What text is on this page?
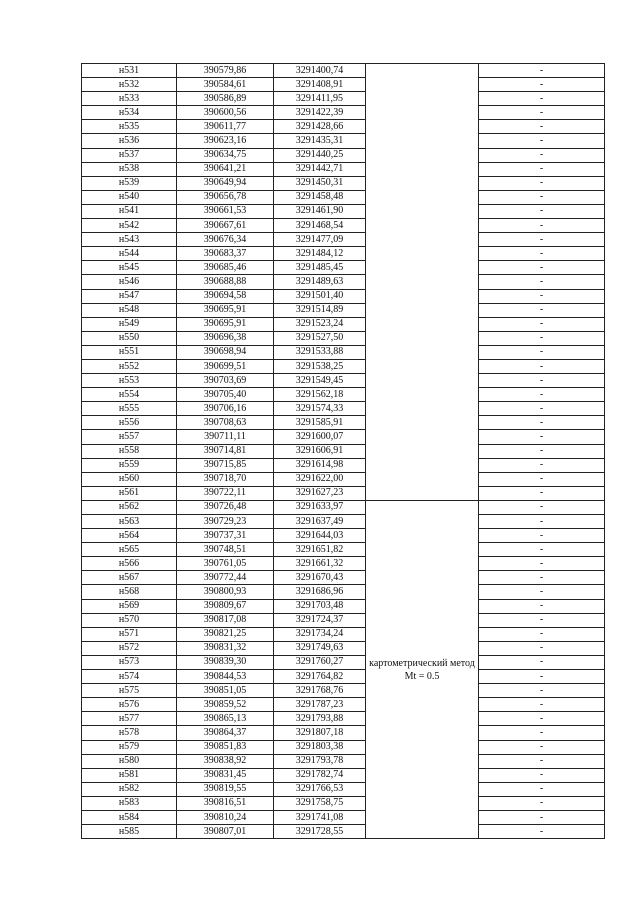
н531	390579,86	3291400,74		-
н532	390584,61	3291408,91		-
н533	390586,89	3291411,95		-
н534	390600,56	3291422,39		-
н535	390611,77	3291428,66		-
н536	390623,16	3291435,31		-
н537	390634,75	3291440,25		-
н538	390641,21	3291442,71		-
н539	390649,94	3291450,31		-
н540	390656,78	3291458,48		-
н541	390661,53	3291461,90		-
н542	390667,61	3291468,54		-
н543	390676,34	3291477,09		-
н544	390683,37	3291484,12		-
н545	390685,46	3291485,45		-
н546	390688,88	3291489,63		-
н547	390694,58	3291501,40		-
н548	390695,91	3291514,89		-
н549	390695,91	3291523,24		-
н550	390696,38	3291527,50		-
н551	390698,94	3291533,88		-
н552	390699,51	3291538,25		-
н553	390703,69	3291549,45		-
н554	390705,40	3291562,18		-
н555	390706,16	3291574,33		-
н556	390708,63	3291585,91		-
н557	390711,11	3291600,07		-
н558	390714,81	3291606,91		-
н559	390715,85	3291614,98		-
н560	390718,70	3291622,00		-
н561	390722,11	3291627,23		-
н562	390726,48	3291633,97	картометрический метод Mt = 0.5	-
н563	390729,23	3291637,49		-
н564	390737,31	3291644,03		-
н565	390748,51	3291651,82		-
н566	390761,05	3291661,32		-
н567	390772,44	3291670,43		-
н568	390800,93	3291686,96		-
н569	390809,67	3291703,48		-
н570	390817,08	3291724,37		-
н571	390821,25	3291734,24		-
н572	390831,32	3291749,63		-
н573	390839,30	3291760,27		-
н574	390844,53	3291764,82		-
н575	390851,05	3291768,76		-
н576	390859,52	3291787,23		-
н577	390865,13	3291793,88		-
н578	390864,37	3291807,18		-
н579	390851,83	3291803,38		-
н580	390838,92	3291793,78		-
н581	390831,45	3291782,74		-
н582	390819,55	3291766,53		-
н583	390816,51	3291758,75		-
н584	390810,24	3291741,08		-
н585	390807,01	3291728,55		-
